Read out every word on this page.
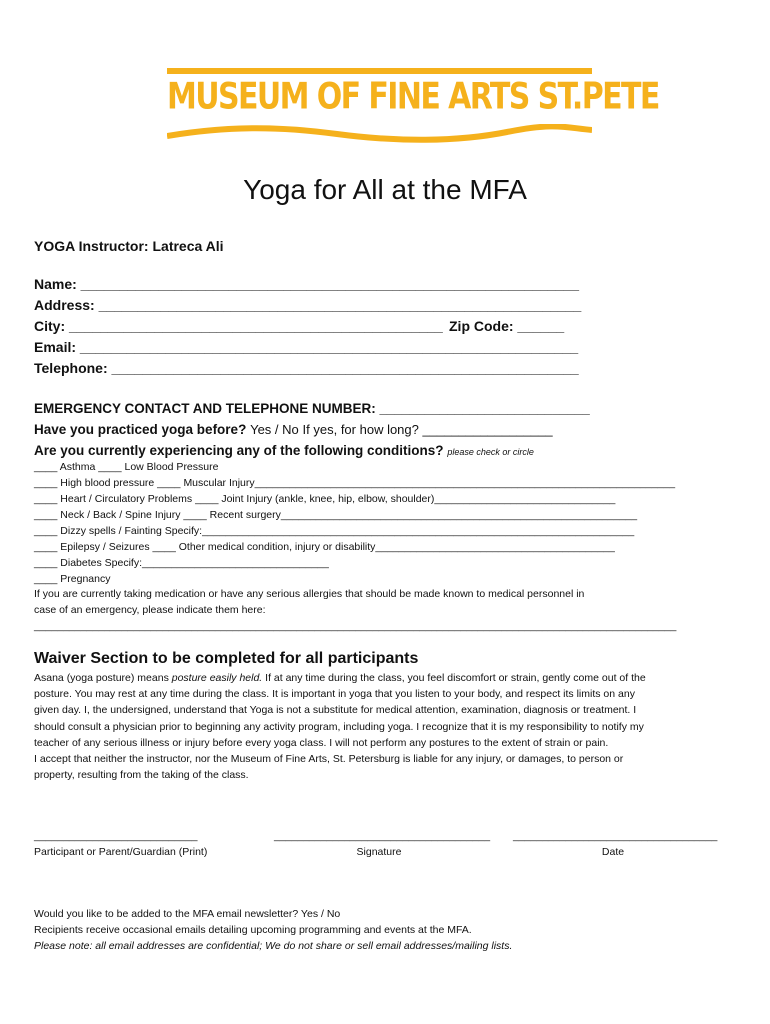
MUSEUM OF FINE ARTS ST.PETE
Yoga for All at the MFA
YOGA Instructor: Latreca Ali
Name: ________________________________________________________________
Address: ______________________________________________________________
City: ________________________________________________ Zip Code: ______
Email: ________________________________________________________________
Telephone: ____________________________________________________________
EMERGENCY CONTACT AND TELEPHONE NUMBER: ____________________________
Have you practiced yoga before? Yes / No If yes, for how long? __________________
Are you currently experiencing any of the following conditions? please check or circle
____ Asthma ____ Low Blood Pressure
____ High blood pressure ____ Muscular Injury________________________________________________________________________
____ Heart / Circulatory Problems ____ Joint Injury (ankle, knee, hip, elbow, shoulder)_______________________________
____ Neck / Back / Spine Injury ____ Recent surgery_____________________________________________________________
____ Dizzy spells / Fainting Specify:__________________________________________________________________________
____ Epilepsy / Seizures ____ Other medical condition, injury or disability_________________________________________
____ Diabetes Specify:________________________________
____ Pregnancy
If you are currently taking medication or have any serious allergies that should be made known to medical personnel in
case of an emergency, please indicate them here:
______________________________________________________________________________________________________________
Waiver Section to be completed for all participants
Asana (yoga posture) means posture easily held. If at any time during the class, you feel discomfort or strain, gently come out of the
posture. You may rest at any time during the class. It is important in yoga that you listen to your body, and respect its limits on any
given day. I, the undersigned, understand that Yoga is not a substitute for medical attention, examination, diagnosis or treatment. I
should consult a physician prior to beginning any activity program, including yoga. I recognize that it is my responsibility to notify my
teacher of any serious illness or injury before every yoga class. I will not perform any postures to the extent of strain or pain.
I accept that neither the instructor, nor the Museum of Fine Arts, St. Petersburg is liable for any injury, or damages, to person or
property, resulting from the taking of the class.
____________________________
Participant or Parent/Guardian (Print)
_____________________________________
Signature
___________________________________
Date
Would you like to be added to the MFA email newsletter? Yes / No
Recipients receive occasional emails detailing upcoming programming and events at the MFA.
Please note: all email addresses are confidential; We do not share or sell email addresses/mailing lists.
